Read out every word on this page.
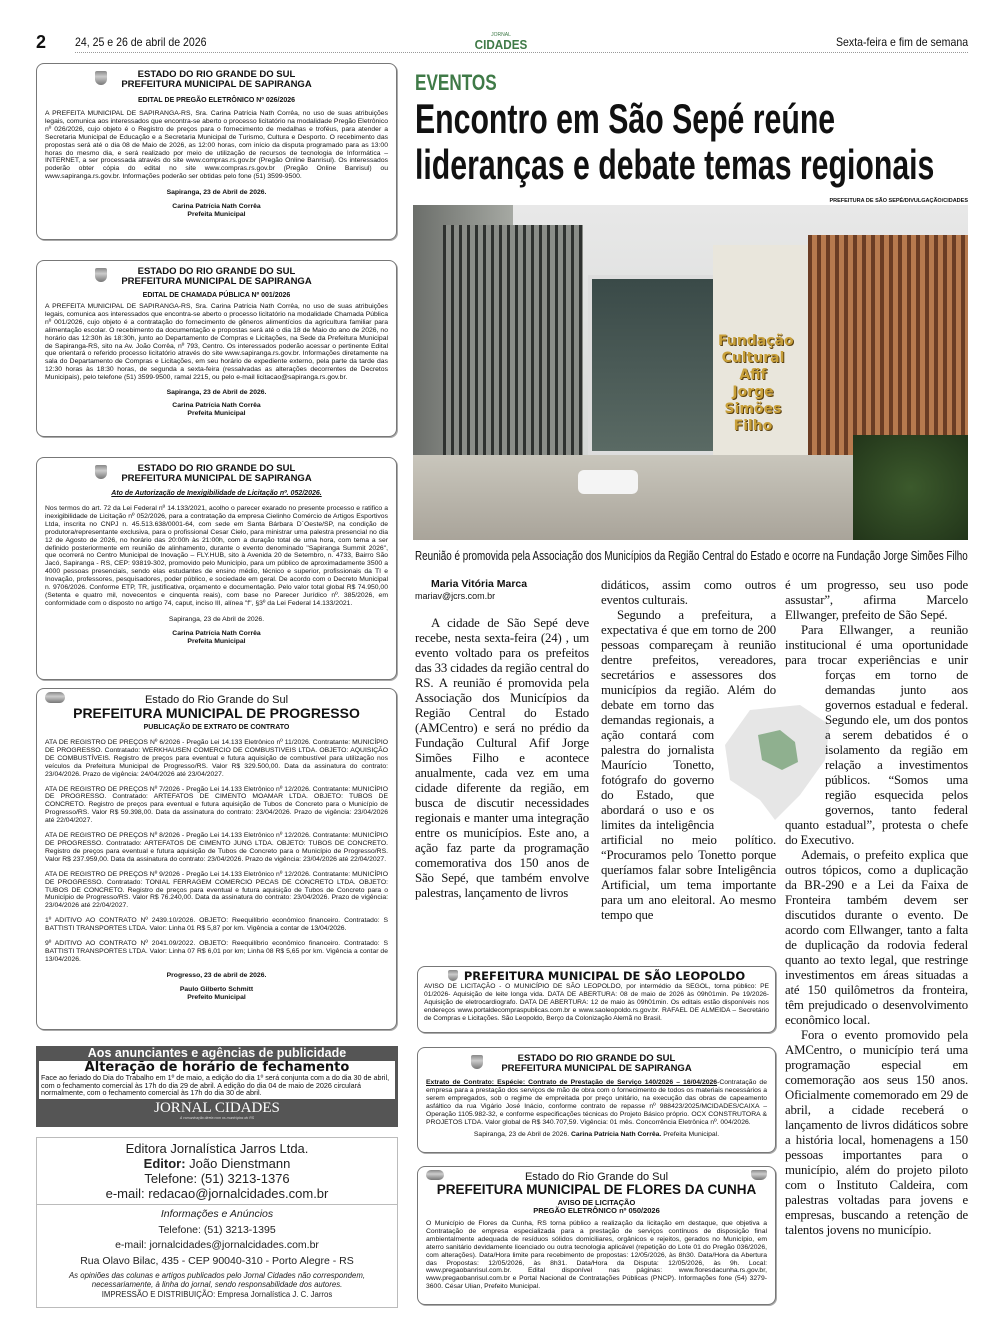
2 24, 25 e 26 de abril de 2026	JORNAL
CIDADES	Sexta-feira e fim de semana
ESTADO DO RIO GRANDE DO SUL
PREFEITURA MUNICIPAL DE SAPIRANGA
EDITAL DE PREGÃO ELETRÔNICO Nº 026/2026
A PREFEITA MUNICIPAL DE SAPIRANGA-RS, Sra. Carina Patrícia Nath Corrêa, no uso de suas atribuições legais, comunica aos interessados que encontra-se aberto o processo licitatório na modalidade Pregão Eletrônico nº 026/2026, cujo objeto é o Registro de preços para o fornecimento de medalhas e troféus, para atender a Secretaria Municipal de Educação e a Secretaria Municipal de Turismo, Cultura e Desporto. O recebimento das propostas será até o dia 08 de Maio de 2026, as 12:00 horas, com início da disputa programado para as 13:00 horas do mesmo dia, e será realizado por meio de utilização de recursos de tecnologia de Informática – INTERNET, a ser processada através do site www.compras.rs.gov.br (Pregão Online Banrisul). Os interessados poderão obter cópia do edital no site www.compras.rs.gov.br (Pregão Online Banrisul) ou www.sapiranga.rs.gov.br. Informações poderão ser obtidas pelo fone (51) 3599-9500.
Sapiranga, 23 de Abril de 2026.
Carina Patrícia Nath Corrêa
Prefeita Municipal
ESTADO DO RIO GRANDE DO SUL
PREFEITURA MUNICIPAL DE SAPIRANGA
EDITAL DE CHAMADA PÚBLICA Nº 001/2026
A PREFEITA MUNICIPAL DE SAPIRANGA-RS, Sra. Carina Patrícia Nath Corrêa, no uso de suas atribuições legais, comunica aos interessados que encontra-se aberto o processo licitatório na modalidade Chamada Pública nº 001/2026, cujo objeto é a contratação do fornecimento de gêneros alimentícios da agricultura familiar para alimentação escolar. O recebimento da documentação e propostas será até o dia 18 de Maio do ano de 2026, no horário das 12:30h às 18:30h, junto ao Departamento de Compras e Licitações, na Sede da Prefeitura Municipal de Sapiranga-RS, sito na Av. João Corrêa, nº 793, Centro. Os interessados poderão acessar o pertinente Edital que orientará o referido processo licitatório através do site www.sapiranga.rs.gov.br. Informações diretamente na sala do Departamento de Compras e Licitações, em seu horário de expediente externo, pela parte da tarde das 12:30 horas às 18:30 horas, de segunda a sexta-feira (ressalvadas as alterações decorrentes de Decretos Municipais), pelo telefone (51) 3599-9500, ramal 2215, ou pelo e-mail licitacao@sapiranga.rs.gov.br.
Sapiranga, 23 de Abril de 2026.
Carina Patrícia Nath Corrêa
Prefeita Municipal
ESTADO DO RIO GRANDE DO SUL
PREFEITURA MUNICIPAL DE SAPIRANGA
Ato de Autorização de Inexigibilidade de Licitação nº. 052/2026.
Nos termos do art. 72 da Lei Federal nº 14.133/2021, acolho o parecer exarado no presente processo e ratifico a inexigibilidade de Licitação nº 052/2026, para a contratação da empresa Cielinho Comércio de Artigos Esportivos Ltda, inscrita no CNPJ n. 45.513.638/0001-64, com sede em Santa Bárbara D´Oeste/SP, na condição de produtora/representante exclusiva, para o profissional Cesar Cielo, para ministrar uma palestra presencial no dia 12 de Agosto de 2026, no horário das 20:00h às 21:00h, com a duração total de uma hora, com tema a ser definido posteriormente em reunião de alinhamento, durante o evento denominado "Sapiranga Summit 2026", que ocorrerá no Centro Municipal de Inovação – FLY.HUB, sito à Avenida 20 de Setembro, n. 4733, Bairro São Jacó, Sapiranga - RS, CEP: 93819-302, promovido pelo Município, para um público de aproximadamente 3500 a 4000 pessoas presenciais, sendo elas estudantes de ensino médio, técnico e superior, profissionais da TI e Inovação, professores, pesquisadores, poder público, e sociedade em geral. De acordo com o Decreto Municipal n. 9706/2026. Conforme ETP, TR, justificativa, orçamento e documentação. Pelo valor total global R$ 74.950,00 (Setenta e quatro mil, novecentos e cinquenta reais), com base no Parecer Jurídico nº. 385/2026, em conformidade com o disposto no artigo 74, caput, inciso III, alínea "f", §3º da Lei Federal 14.133/2021.
Sapiranga, 23 de Abril de 2026.
Carina Patrícia Nath Corrêa
Prefeita Municipal
Estado do Rio Grande do Sul
PREFEITURA MUNICIPAL DE PROGRESSO
PUBLICAÇÃO DE EXTRATO DE CONTRATO
ATA DE REGISTRO DE PREÇOS Nº 6/2026 - Pregão Lei 14.133 Eletrônico nº 11/2026. Contratante: MUNICÍPIO DE PROGRESSO. Contratado: WERKHAUSEN COMERCIO DE COMBUSTIVEIS LTDA. OBJETO: AQUISIÇÃO DE COMBUSTÍVEIS. Registro de preços para eventual e futura aquisição de combustível para utilização nos veículos da Prefeitura Municipal de Progresso/RS. Valor R$ 329.500,00. Data da assinatura do contrato: 23/04/2026. Prazo de vigência: 24/04/2026 até 23/04/2027.
ATA DE REGISTRO DE PREÇOS Nº 7/2026 - Pregão Lei 14.133 Eletrônico nº 12/2026. Contratante: MUNICÍPIO DE PROGRESSO. Contratado: ARTEFATOS DE CIMENTO MOAMAR LTDA. OBJETO: TUBOS DE CONCRETO. Registro de preços para eventual e futura aquisição de Tubos de Concreto para o Município de Progresso/RS. Valor R$ 59.398,00. Data da assinatura do contrato: 23/04/2026. Prazo de vigência: 23/04/2026 até 22/04/2027.
ATA DE REGISTRO DE PREÇOS Nº 8/2026 - Pregão Lei 14.133 Eletrônico nº 12/2026. Contratante: MUNICÍPIO DE PROGRESSO. Contratado: ARTEFATOS DE CIMENTO JUNG LTDA. OBJETO: TUBOS DE CONCRETO. Registro de preços para eventual e futura aquisição de Tubos de Concreto para o Município de Progresso/RS. Valor R$ 237.959,00. Data da assinatura do contrato: 23/04/2026. Prazo de vigência: 23/04/2026 até 22/04/2027.
ATA DE REGISTRO DE PREÇOS Nº 9/2026 - Pregão Lei 14.133 Eletrônico nº 12/2026. Contratante: MUNICÍPIO DE PROGRESSO. Contratado: TONIAL FERRAGEM COMERCIO PECAS DE CONCRETO LTDA. OBJETO: TUBOS DE CONCRETO. Registro de preços para eventual e futura aquisição de Tubos de Concreto para o Município de Progresso/RS. Valor R$ 76.240,00. Data da assinatura do contrato: 23/04/2026. Prazo de vigência: 23/04/2026 até 22/04/2027.
1º ADITIVO AO CONTRATO Nº 2439.10/2026. OBJETO: Reequilíbrio econômico financeiro. Contratado: S BATTISTI TRANSPORTES LTDA. Valor: Linha 01 R$ 5,87 por km. Vigência a contar de 13/04/2026.
9º ADITIVO AO CONTRATO Nº 2041.09/2022. OBJETO: Reequilíbrio econômico financeiro. Contratado: S BATTISTI TRANSPORTES LTDA. Valor: Linha 07 R$ 6,01 por km; Linha 08 R$ 5,65 por km. Vigência a contar de 13/04/2026.
Progresso, 23 de abril de 2026.
Paulo Gilberto Schmitt
Prefeito Municipal
Aos anunciantes e agências de publicidade
Alteração de horário de fechamento
Face ao feriado do Dia do Trabalho em 1º de maio, a edição do dia 1º será conjunta com a do dia 30 de abril, com o fechamento comercial às 17h do dia 29 de abril. A edição do dia 04 de maio de 2026 circulará normalmente, com o fechamento comercial às 17h do dia 30 de abril.
JORNAL CIDADES
A comunicação direta com os municípios do RS
Editora Jornalística Jarros Ltda.
Editor: João Dienstmann
Telefone: (51) 3213-1376
e-mail: redacao@jornalcidades.com.br
Informações e Anúncios
Telefone: (51) 3213-1395
e-mail: jornalcidades@jornalcidades.com.br
Rua Olavo Bilac, 435 - CEP 90040-310 - Porto Alegre - RS
As opiniões das colunas e artigos publicados pelo Jornal Cidades não correspondem, necessariamente, à linha do jornal, sendo responsabilidade dos autores.
IMPRESSÃO E DISTRIBUIÇÃO: Empresa Jornalística J. C. Jarros
EVENTOS
Encontro em São Sepé reúne
lideranças e debate temas regionais
PREFEITURA DE SÃO SEPÉ/DIVULGAÇÃO/CIDADES
Fundação
Cultural
Afif
Jorge
Simões
Filho
Reunião é promovida pela Associação dos Municípios da Região Central do Estado e ocorre na Fundação Jorge Simões Filho

Maria Vitória Marca

mariav@jcrs.com.br

A cidade de São Sepé deve recebe, nesta sexta-feira (24) , um evento voltado para os prefeitos das 33 cidades da região central do RS. A reunião é promovida pela Associação dos Municípios da Região Central do Estado (AMCentro) e será no prédio da Fundação Cultural Afif Jorge Simões Filho e acontece anualmente, cada vez em uma cidade diferente da região, em busca de discutir necessidades regionais e manter uma integração entre os municípios. Este ano, a ação faz parte da programação comemorativa dos 150 anos de São Sepé, que também envolve palestras, lançamento de livros

didáticos, assim como outros eventos culturais.

Segundo a prefeitura, a expectativa é que em torno de 200 pessoas compareçam à reunião dentre prefeitos, vereadores, secretários e assessores dos municípios da região. Além do debate em torno das demandas regionais, a ação contará com palestra do jornalista Maurício Tonetto, fotógrafo do governo do Estado, que abordará o uso e os limites da inteligência artificial no meio político. “Procuramos pelo Tonetto porque queríamos falar sobre Inteligência Artificial, um tema importante para um ano eleitoral. Ao mesmo tempo que

é um progresso, seu uso pode assustar”, afirma Marcelo Ellwanger, prefeito de São Sepé.

Para Ellwanger, a reunião institucional é uma oportunidade para trocar experiências e unir forças em torno de demandas junto aos governos estadual e federal. Segundo ele, um dos pontos a serem debatidos é o isolamento da região em relação a investimentos públicos. “Somos uma região esquecida pelos governos, tanto federal quanto estadual”, protesta o chefe do Executivo.

Ademais, o prefeito explica que outros tópicos, como a duplicação da BR-290 e a Lei da Faixa de Fronteira também devem ser discutidos durante o evento. De acordo com Ellwanger, tanto a falta de duplicação da rodovia federal quanto ao texto legal, que restringe investimentos em áreas situadas a até 150 quilômetros da fronteira, têm prejudicado o desenvolvimento econômico local.

Fora o evento promovido pela AMCentro, o município terá uma programação especial em comemoração aos seus 150 anos. Oficialmente comemorado em 29 de abril, a cidade receberá o lançamento de livros didáticos sobre a história local, homenagens a 150 pessoas importantes para o município, além do projeto piloto com o Instituto Caldeira, com palestras voltadas para jovens e empresas, buscando a retenção de talentos jovens no município.

PREFEITURA MUNICIPAL DE SÃO LEOPOLDO
AVISO DE LICITAÇÃO - O MUNICÍPIO DE SÃO LEOPOLDO, por intermédio da SEGOL, torna público: PE 01/2026- Aquisição de leite longa vida. DATA DE ABERTURA: 08 de maio de 2026 às 09h01min. Pe 19/2026- Aquisição de eletrocardiografo. DATA DE ABERTURA: 12 de maio às 09h01min. Os editais estão disponíveis nos endereços www.portaldecompraspublicas.com.br e www.saoleopoldo.rs.gov.br. RAFAEL DE ALMEIDA – Secretário de Compras e Licitações. São Leopoldo, Berço da Colonização Alemã no Brasil.
ESTADO DO RIO GRANDE DO SUL
PREFEITURA MUNICIPAL DE SAPIRANGA
Extrato de Contrato: Espécie: Contrato de Prestação de Serviço 140/2026 – 16/04/2026-Contratação de empresa para a prestação dos serviços de mão de obra com o fornecimento de todos os materiais necessários a serem empregados, sob o regime de empreitada por preço unitário, na execução das obras de capeamento asfáltico da rua Vigário José Inácio, conforme contrato de repasse nº 988423/2025/MCIDADES/CAIXA – Operação 1105.982-32, e conforme especificações técnicas do Projeto Básico próprio. OCX CONSTRUTORA & PROJETOS LTDA. Valor global de R$ 340.707,59. Vigência: 01 mês. Concorrência Eletrônica nº. 004/2026.
Sapiranga, 23 de Abril de 2026. Carina Patrícia Nath Corrêa. Prefeita Municipal.
Estado do Rio Grande do Sul
PREFEITURA MUNICIPAL DE FLORES DA CUNHA
AVISO DE LICITAÇÃO
PREGÃO ELETRÔNICO nº 050/2026
O Município de Flores da Cunha, RS torna público a realização da licitação em destaque, que objetiva a Contratação de empresa especializada para a prestação de serviços contínuos de disposição final ambientalmente adequada de resíduos sólidos domiciliares, orgânicos e rejeitos, gerados no Município, em aterro sanitário devidamente licenciado ou outra tecnologia aplicável (repetição do Lote 01 do Pregão 036/2026, com alterações). Data/Hora limite para recebimento de propostas: 12/05/2026, às 8h30. Data/Hora da Abertura das Propostas: 12/05/2026, às 8h31. Data/Hora da Disputa: 12/05/2026, às 9h. Local: www.pregaobanrisul.com.br. Edital disponível nas páginas: www.floresdacunha.rs.gov.br, www.pregaobanrisul.com.br e Portal Nacional de Contratações Públicas (PNCP). Informações fone (54) 3279-3600. César Ulian, Prefeito Municipal.
